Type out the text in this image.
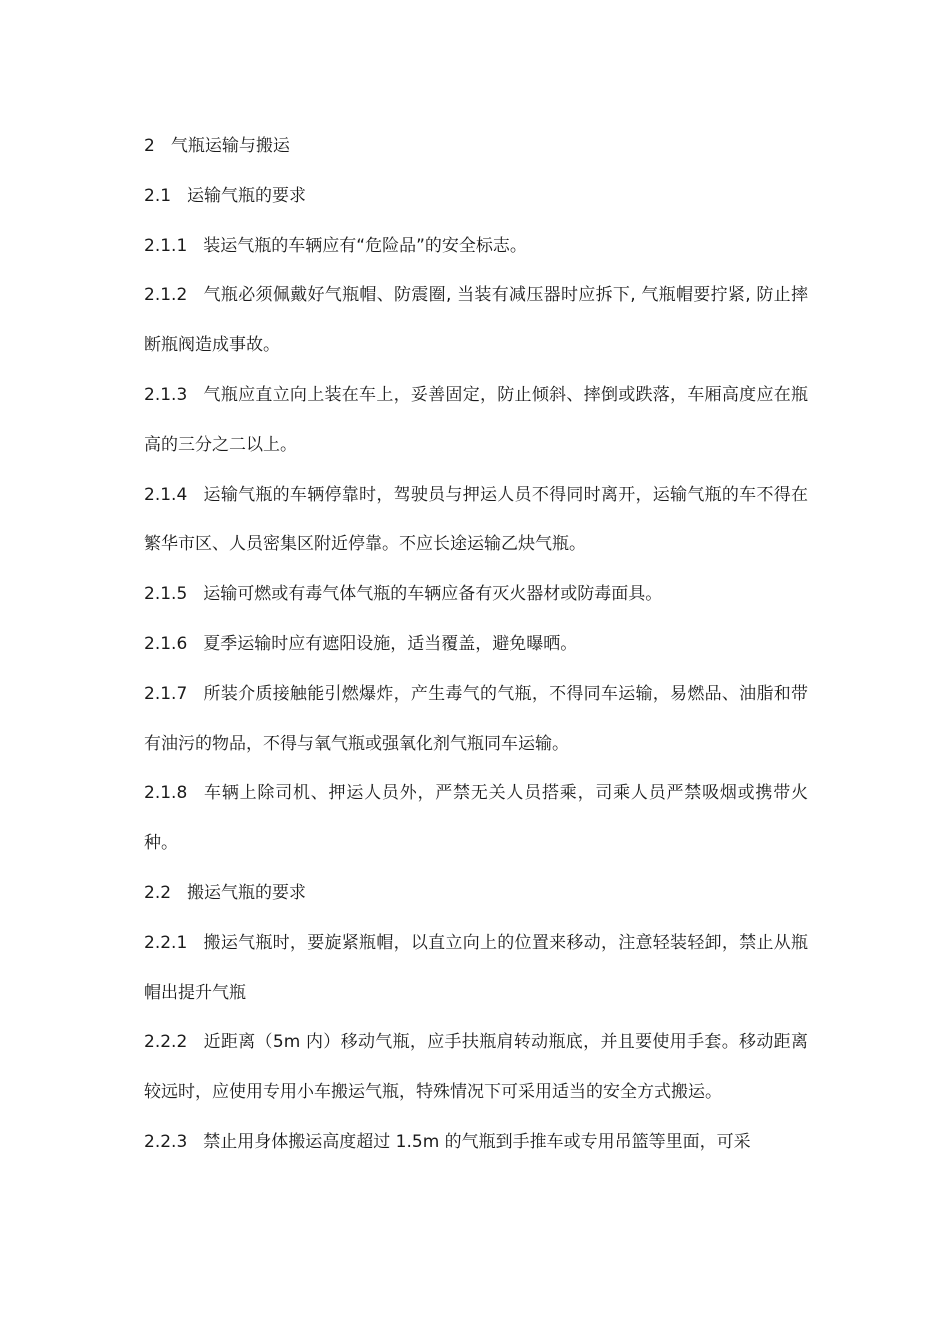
2 气瓶运输与搬运

2.1 运输气瓶的要求

2.1.1 装运气瓶的车辆应有“危险品”的安全标志。

2.1.2 气瓶必须佩戴好气瓶帽、防震圈, 当装有减压器时应拆下, 气瓶帽要拧紧, 防止摔断瓶阀造成事故。

2.1.3 气瓶应直立向上装在车上，妥善固定，防止倾斜、摔倒或跌落，车厢高度应在瓶高的三分之二以上。

2.1.4 运输气瓶的车辆停靠时，驾驶员与押运人员不得同时离开，运输气瓶的车不得在繁华市区、人员密集区附近停靠。不应长途运输乙炔气瓶。

2.1.5 运输可燃或有毒气体气瓶的车辆应备有灭火器材或防毒面具。

2.1.6 夏季运输时应有遮阳设施，适当覆盖，避免曝晒。

2.1.7 所装介质接触能引燃爆炸，产生毒气的气瓶，不得同车运输，易燃品、油脂和带有油污的物品，不得与氧气瓶或强氧化剂气瓶同车运输。

2.1.8 车辆上除司机、押运人员外，严禁无关人员搭乘，司乘人员严禁吸烟或携带火种。

2.2 搬运气瓶的要求

2.2.1 搬运气瓶时，要旋紧瓶帽，以直立向上的位置来移动，注意轻装轻卸，禁止从瓶帽出提升气瓶

2.2.2 近距离（5m 内）移动气瓶，应手扶瓶肩转动瓶底，并且要使用手套。移动距离较远时，应使用专用小车搬运气瓶，特殊情况下可采用适当的安全方式搬运。

2.2.3 禁止用身体搬运高度超过 1.5m 的气瓶到手推车或专用吊篮等里面，可采
